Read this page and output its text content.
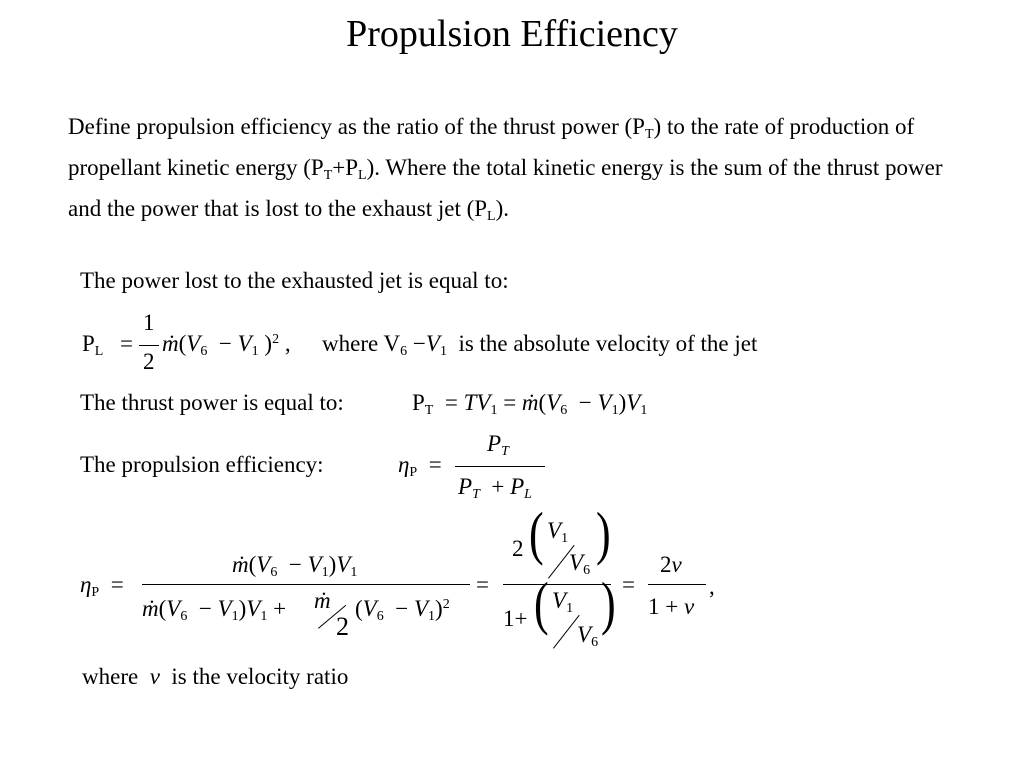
Propulsion Efficiency
Define propulsion efficiency as the ratio of the thrust power $(P_T)$ to the rate of production of propellant kinetic energy $(P_T+P_L)$. Where the total kinetic energy is the sum of the thrust power and the power that is lost to the exhaust jet $(P_L)$.
The power lost to the exhausted jet is equal to:
$P_L$ =
1
2
$ṁ(V_6 - V_1$ )$^2$ , where $V_6 -V_1$ is the absolute velocity of the jet
The thrust power is equal to:	$P_T = TV_1$ = $ṁ(V_6 - V_1)V_1$
The propulsion efficiency:	$\eta_P$  =
$P_T$
$P_T + P_L$
$\eta_P$  =
$ṁ(V_6 - V_1)V_1$
$ṁ(V_6 - V_1)V_1$ + ṁ
2
$(V_6 - V_1)^2$
=
2 ( $V_1$
$V_6$
)
1+ ( $V_1$
$V_6$
) =
2ν
1 + ν
,
where ν is the velocity ratio
